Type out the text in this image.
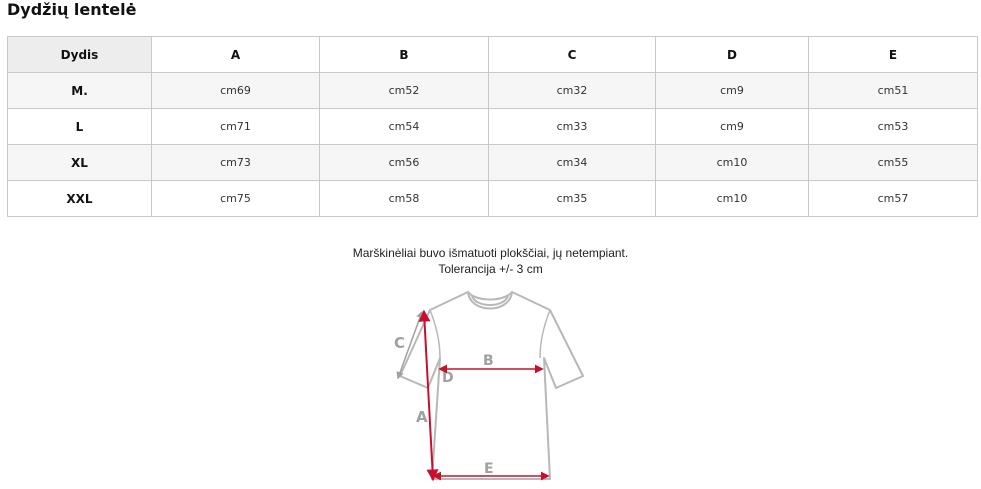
Dydžių lentelė
Dydis	A	B	C	D	E
M.	cm69	cm52	cm32	cm9	cm51
L	cm71	cm54	cm33	cm9	cm53
XL	cm73	cm56	cm34	cm10	cm55
XXL	cm75	cm58	cm35	cm10	cm57
Marškinėliai buvo išmatuoti plokščiai, jų netempiant.
Tolerancija +/- 3 cm
C
A
D
B
E
